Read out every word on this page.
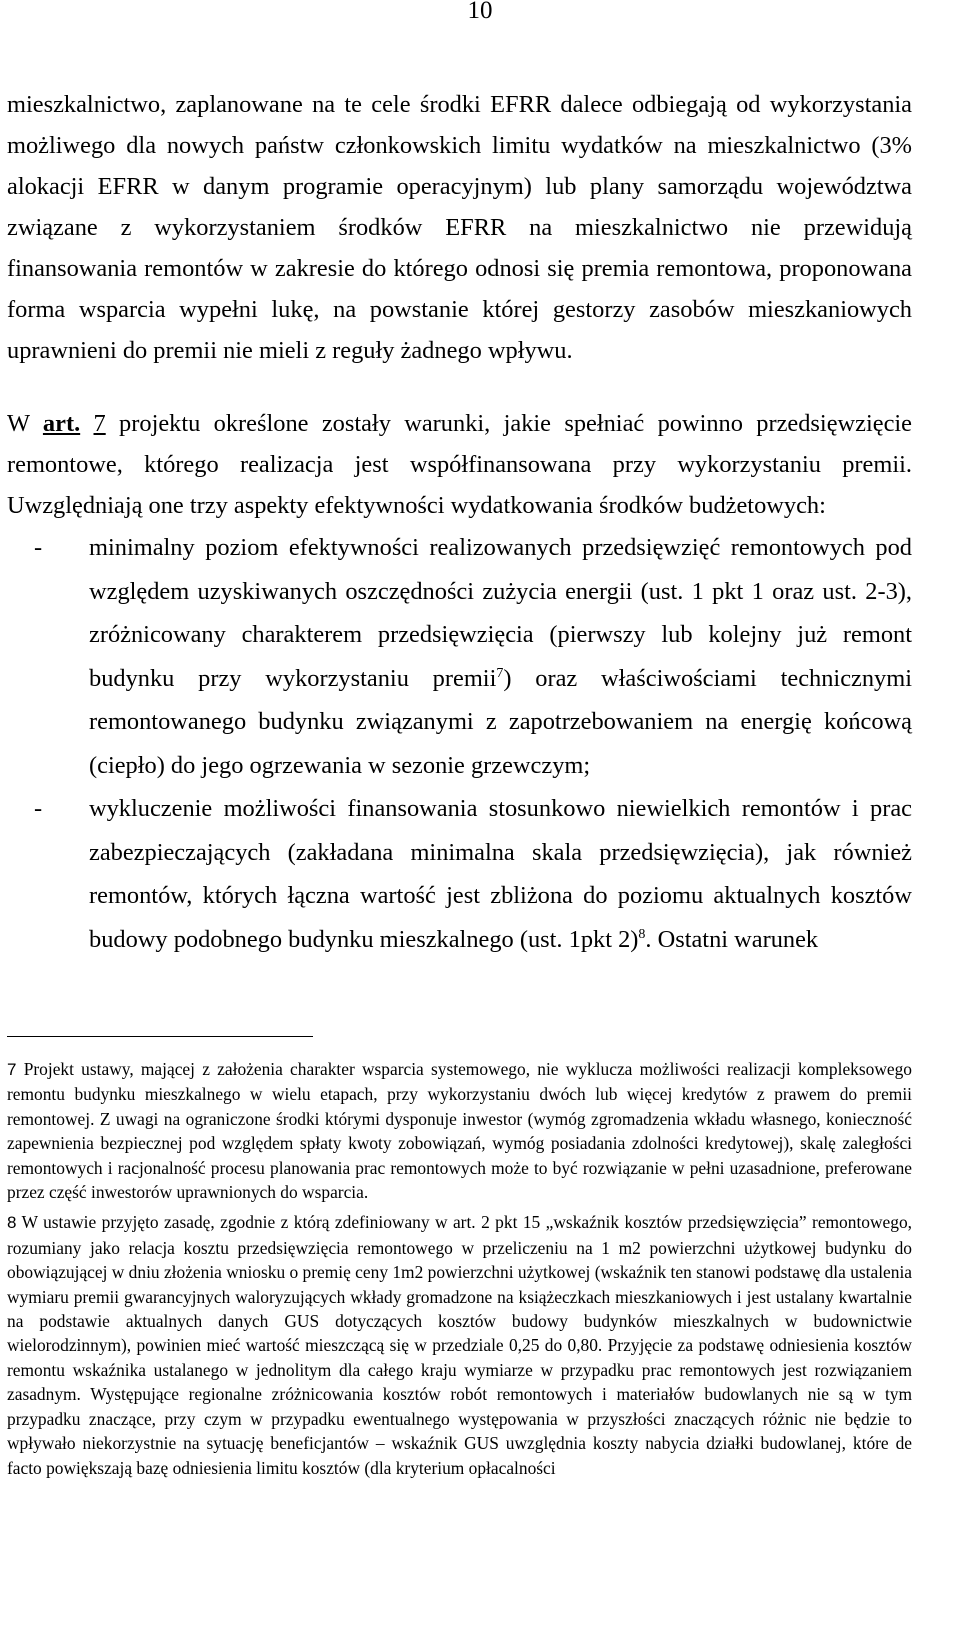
10

mieszkalnictwo, zaplanowane na te cele środki EFRR dalece odbiegają od wykorzystania możliwego dla nowych państw członkowskich limitu wydatków na mieszkalnictwo (3% alokacji EFRR w danym programie operacyjnym) lub plany samorządu województwa związane z wykorzystaniem środków EFRR na mieszkalnictwo nie przewidują finansowania remontów w zakresie do którego odnosi się premia remontowa, proponowana forma wsparcia wypełni lukę, na powstanie której gestorzy zasobów mieszkaniowych uprawnieni do premii nie mieli z reguły żadnego wpływu.

W art. 7 projektu określone zostały warunki, jakie spełniać powinno przedsięwzięcie remontowe, którego realizacja jest współfinansowana przy wykorzystaniu premii. Uwzględniają one trzy aspekty efektywności wydatkowania środków budżetowych:

-	minimalny poziom efektywności realizowanych przedsięwzięć remontowych pod względem uzyskiwanych oszczędności zużycia energii (ust. 1 pkt 1 oraz ust. 2-3), zróżnicowany charakterem przedsięwzięcia (pierwszy lub kolejny już remont budynku przy wykorzystaniu premii$^7$) oraz właściwościami technicznymi remontowanego budynku związanymi z zapotrzebowaniem na energię końcową (ciepło) do jego ogrzewania w sezonie grzewczym;
-	wykluczenie możliwości finansowania stosunkowo niewielkich remontów i prac zabezpieczających (zakładana minimalna skala przedsięwzięcia), jak również remontów, których łączna wartość jest zbliżona do poziomu aktualnych kosztów budowy podobnego budynku mieszkalnego (ust. 1pkt 2)$^8$. Ostatni warunek

7 Projekt ustawy, mającej z założenia charakter wsparcia systemowego, nie wyklucza możliwości realizacji kompleksowego remontu budynku mieszkalnego w wielu etapach, przy wykorzystaniu dwóch lub więcej kredytów z prawem do premii remontowej. Z uwagi na ograniczone środki którymi dysponuje inwestor (wymóg zgromadzenia wkładu własnego, konieczność zapewnienia bezpiecznej pod względem spłaty kwoty zobowiązań, wymóg posiadania zdolności kredytowej), skalę zaległości remontowych i racjonalność procesu planowania prac remontowych może to być rozwiązanie w pełni uzasadnione, preferowane przez część inwestorów uprawnionych do wsparcia.

8 W ustawie przyjęto zasadę, zgodnie z którą zdefiniowany w art. 2 pkt 15 „wskaźnik kosztów przedsięwzięcia” remontowego, rozumiany jako relacja kosztu przedsięwzięcia remontowego w przeliczeniu na 1 m2 powierzchni użytkowej budynku do obowiązującej w dniu złożenia wniosku o premię ceny 1m2 powierzchni użytkowej (wskaźnik ten stanowi podstawę dla ustalenia wymiaru premii gwarancyjnych waloryzujących wkłady gromadzone na książeczkach mieszkaniowych i jest ustalany kwartalnie na podstawie aktualnych danych GUS dotyczących kosztów budowy budynków mieszkalnych w budownictwie wielorodzinnym), powinien mieć wartość mieszczącą się w przedziale 0,25 do 0,80. Przyjęcie za podstawę odniesienia kosztów remontu wskaźnika ustalanego w jednolitym dla całego kraju wymiarze w przypadku prac remontowych jest rozwiązaniem zasadnym. Występujące regionalne zróżnicowania kosztów robót remontowych i materiałów budowlanych nie są w tym przypadku znaczące, przy czym w przypadku ewentualnego występowania w przyszłości znaczących różnic nie będzie to wpływało niekorzystnie na sytuację beneficjantów – wskaźnik GUS uwzględnia koszty nabycia działki budowlanej, które de facto powiększają bazę odniesienia limitu kosztów (dla kryterium opłacalności
